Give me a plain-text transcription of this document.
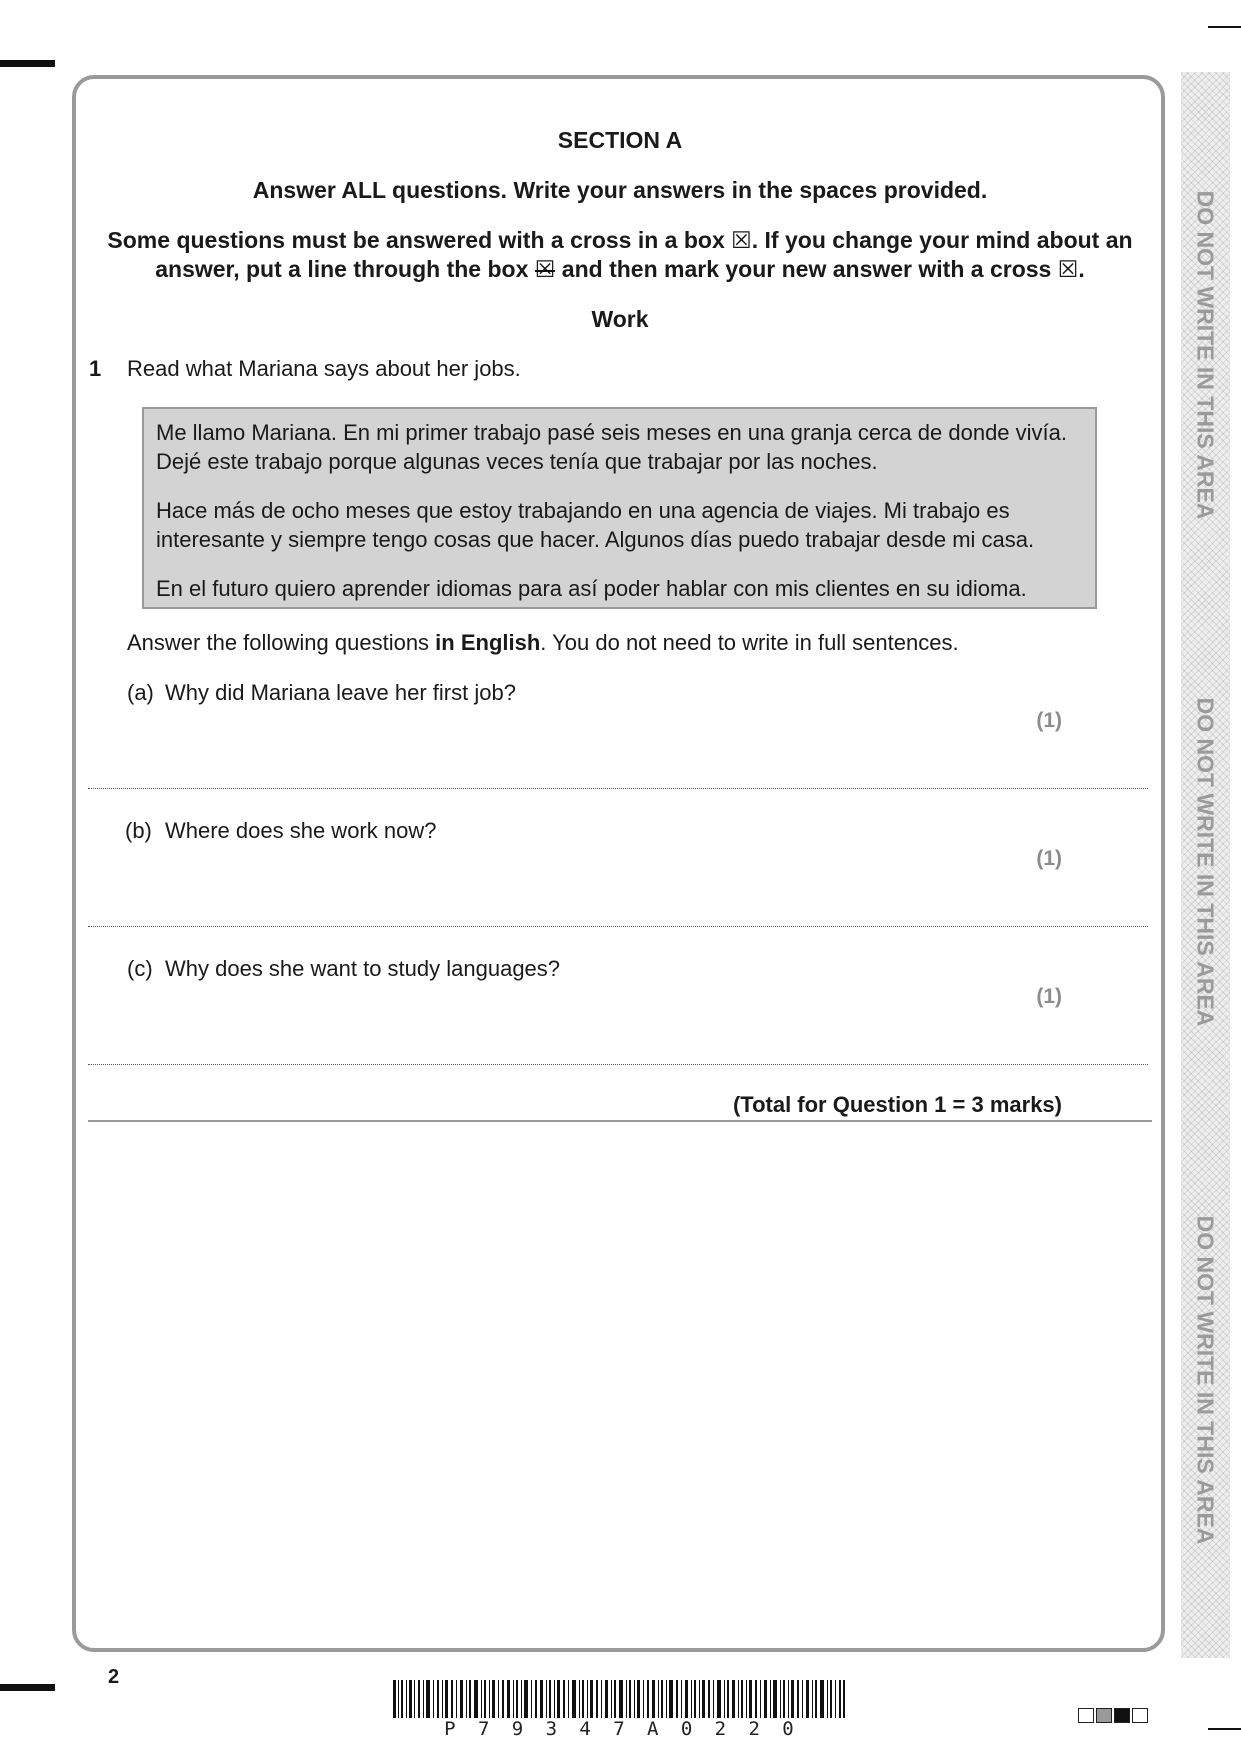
DO NOT WRITE IN THIS AREA
DO NOT WRITE IN THIS AREA
DO NOT WRITE IN THIS AREA
SECTION A
Answer ALL questions. Write your answers in the spaces provided.
Some questions must be answered with a cross in a box ☒. If you change your mind about an
answer, put a line through the box ☒ and then mark your new answer with a cross ☒.
Work
1 Read what Mariana says about her jobs.

Me llamo Mariana. En mi primer trabajo pasé seis meses en una granja cerca de donde vivía. Dejé este trabajo porque algunas veces tenía que trabajar por las noches.

Hace más de ocho meses que estoy trabajando en una agencia de viajes. Mi trabajo es interesante y siempre tengo cosas que hacer. Algunos días puedo trabajar desde mi casa.

En el futuro quiero aprender idiomas para así poder hablar con mis clientes en su idioma.

Answer the following questions in English. You do not need to write in full sentences.
(a) Why did Mariana leave her first job?
(1)
(b) Where does she work now?
(1)
(c) Why does she want to study languages?
(1)
(Total for Question 1 = 3 marks)
2
P 7 9 3 4 7 A 0 2 2 0
